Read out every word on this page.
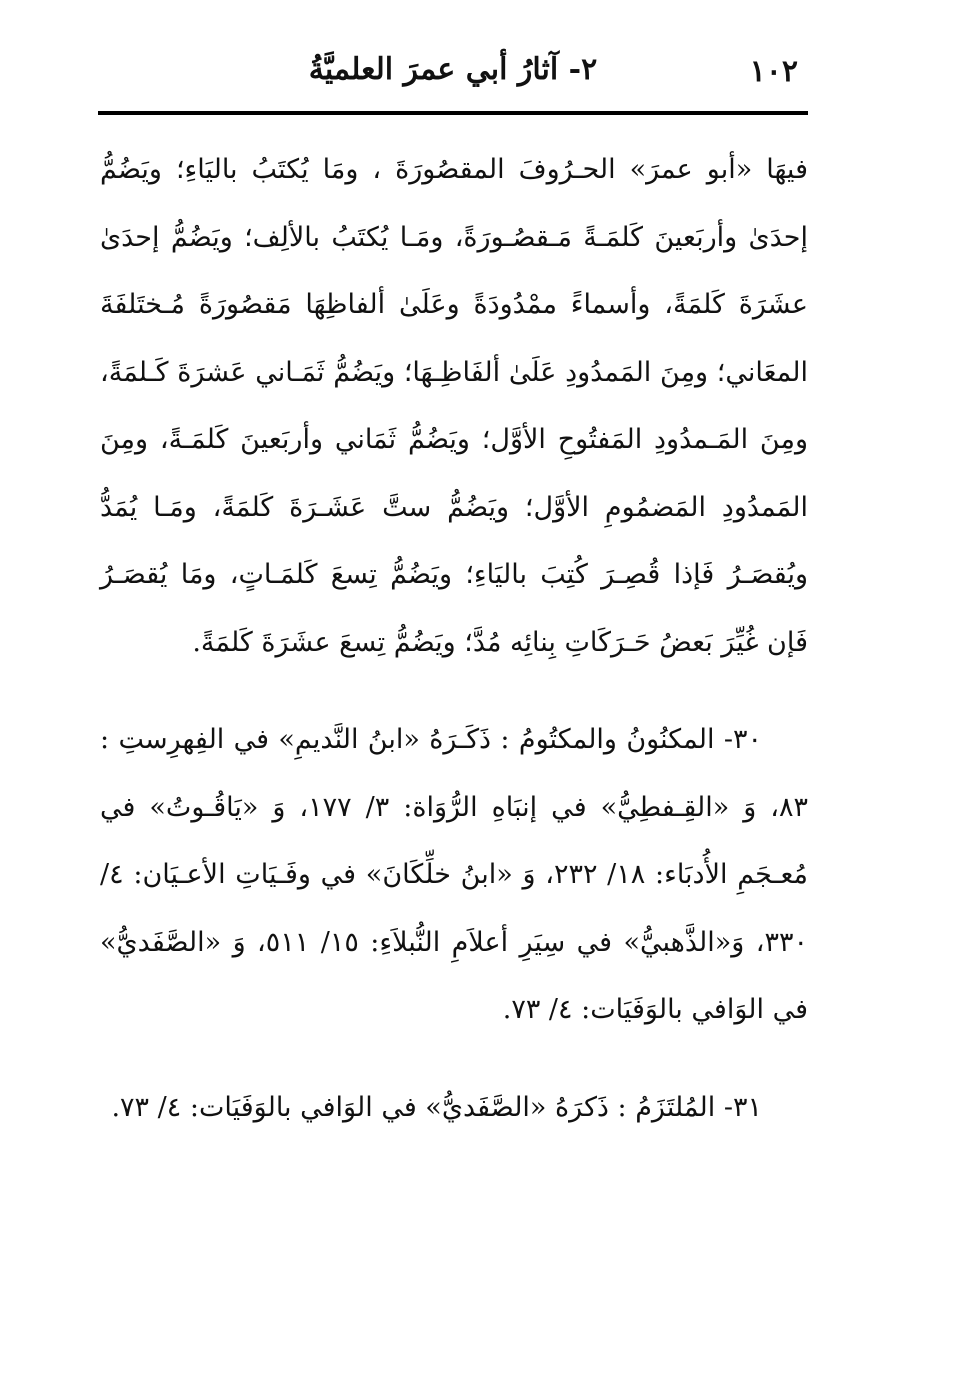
١٠٢
٢- آثارُ أبي عمرَ العلميَّةُ

فيهَا «أبو عمرَ» الحـرُوفَ المقصُورَةَ ، ومَا يُكتَبُ باليَاءِ؛ ويَضُمُّ إحدَىٰ وأربَعينَ كَلمَـةً مَـقصُـورَةً، ومَـا يُكتَبُ بالألِف؛ ويَضُمُّ إحدَىٰ عشَرَةَ كَلمَةً، وأسماءً ممْدُودَةً وعَلَىٰ ألفاظِهَا مَقصُورَةً مُـختَلفَةَ المعَاني؛ ومِنَ المَمدُودِ عَلَىٰ ألفَاظِـهَا؛ ويَضُمُّ ثَمَـاني عَشرَةَ كَـلمَةً، ومِنَ المَـمدُودِ المَفتُوحِ الأوَّل؛ ويَضُمُّ ثَمَاني وأربَعينَ كَلمَـةً، ومِنَ المَمدُودِ المَضمُومِ الأوَّل؛ ويَضُمُّ ستَّ عَشَـرَةَ كَلمَةً، ومَـا يُمَدُّ ويُقصَـرُ فَإذا قُصِـرَ كُتِبَ باليَاءِ؛ ويَضُمُّ تِسعَ كَلمَـاتٍ، ومَا يُقصَـرُ فَإن غُيِّرَ بَعضُ حَـرَكَاتِ بِنائِه مُدَّ؛ ويَضُمُّ تِسعَ عشَرَةَ كَلمَةً.

٣٠- المكنُونُ والمكتُومُ : ذَكَـرَهُ «ابنُ النَّديمِ» في الفِهرِستِ : ٨٣، وَ «القِـفطِيُّ» في إنبَاهِ الرُّوَاة: ٣/ ١٧٧، وَ «يَاقُـوتُ» في مُعـجَمِ الأُدبَاء: ١٨/ ٢٣٢، وَ «ابنُ خلِّكَانَ» في وفَـيَاتِ الأعـيَان: ٤/ ٣٣٠، وَ«الذَّهبيُّ» في سِيَرِ أعلاَمِ النُّبلاَءِ: ١٥/ ٥١١، وَ «الصَّفَديُّ» في الوَافي بالوَفَيَات: ٤/ ٧٣.

٣١- المُلتَزَمُ : ذَكرَهُ «الصَّفَديُّ» في الوَافي بالوَفَيَات: ٤/ ٧٣.
